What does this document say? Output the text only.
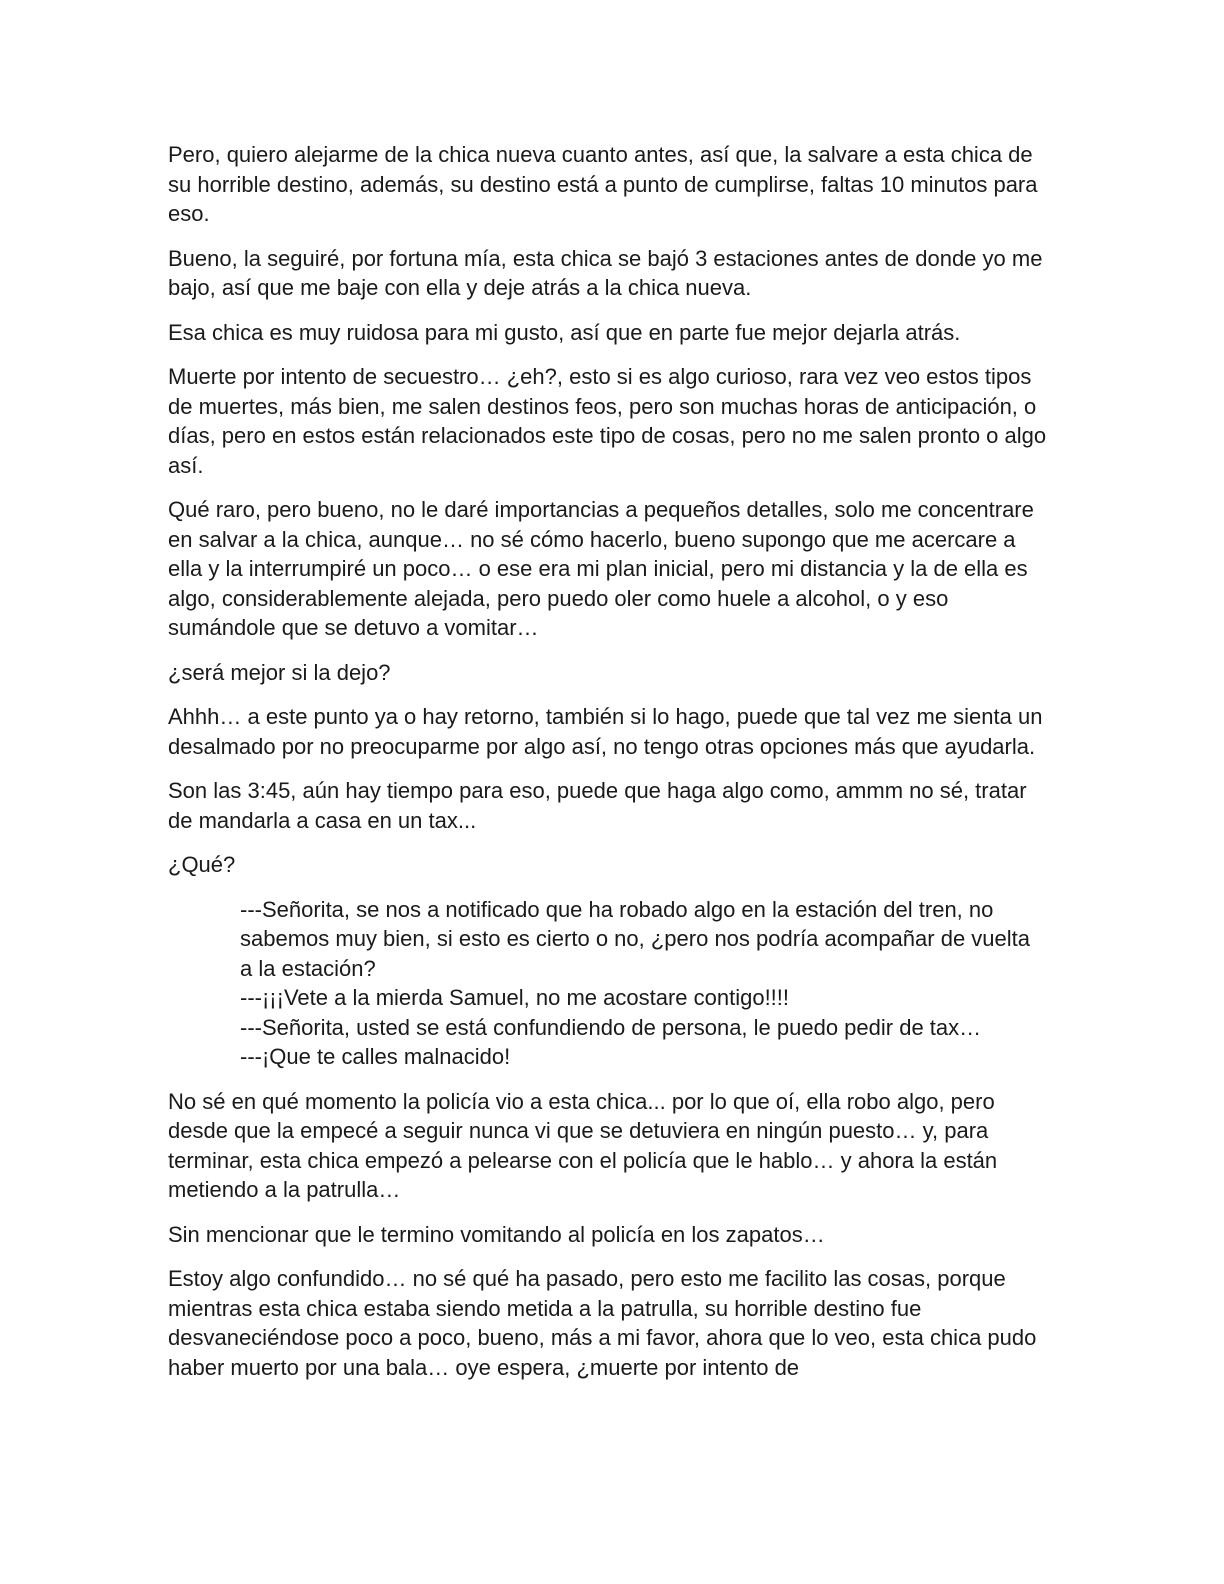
Pero, quiero alejarme de la chica nueva cuanto antes, así que, la salvare a esta chica de su horrible destino, además, su destino está a punto de cumplirse, faltas 10 minutos para eso.

Bueno, la seguiré, por fortuna mía, esta chica se bajó 3 estaciones antes de donde yo me bajo, así que me baje con ella y deje atrás a la chica nueva.

Esa chica es muy ruidosa para mi gusto, así que en parte fue mejor dejarla atrás.

Muerte por intento de secuestro… ¿eh?, esto si es algo curioso, rara vez veo estos tipos de muertes, más bien, me salen destinos feos, pero son muchas horas de anticipación, o días, pero en estos están relacionados este tipo de cosas, pero no me salen pronto o algo así.

Qué raro, pero bueno, no le daré importancias a pequeños detalles, solo me concentrare en salvar a la chica, aunque… no sé cómo hacerlo, bueno supongo que me acercare a ella y la interrumpiré un poco… o ese era mi plan inicial, pero mi distancia y la de ella es algo, considerablemente alejada, pero puedo oler como huele a alcohol, o y eso sumándole que se detuvo a vomitar…

¿será mejor si la dejo?

Ahhh… a este punto ya o hay retorno, también si lo hago, puede que tal vez me sienta un desalmado por no preocuparme por algo así, no tengo otras opciones más que ayudarla.

Son las 3:45, aún hay tiempo para eso, puede que haga algo como, ammm no sé, tratar de mandarla a casa en un tax...

¿Qué?

---Señorita, se nos a notificado que ha robado algo en la estación del tren, no sabemos muy bien, si esto es cierto o no, ¿pero nos podría acompañar de vuelta a la estación?

---¡¡¡Vete a la mierda Samuel, no me acostare contigo!!!!

---Señorita, usted se está confundiendo de persona, le puedo pedir de tax…

---¡Que te calles malnacido!

No sé en qué momento la policía vio a esta chica... por lo que oí, ella robo algo, pero desde que la empecé a seguir nunca vi que se detuviera en ningún puesto… y, para terminar, esta chica empezó a pelearse con el policía que le hablo… y ahora la están metiendo a la patrulla…

Sin mencionar que le termino vomitando al policía en los zapatos…

Estoy algo confundido… no sé qué ha pasado, pero esto me facilito las cosas, porque mientras esta chica estaba siendo metida a la patrulla, su horrible destino fue desvaneciéndose poco a poco, bueno, más a mi favor, ahora que lo veo, esta chica pudo haber muerto por una bala… oye espera, ¿muerte por intento de
